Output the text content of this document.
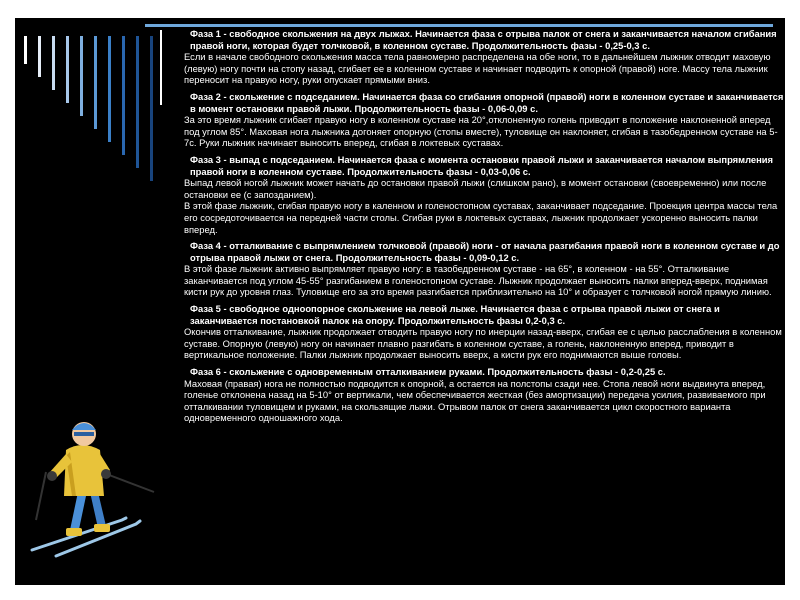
Фаза 1 - свободное скольжения на двух лыжах. Начинается фаза с отрыва палок от снега и заканчивается началом сгибания правой ноги, которая будет толчковой, в коленном суставе. Продолжительность фазы - 0,25-0,3 с.

Если в начале свободного скольжения масса тела равномерно распределена на обе ноги, то в дальнейшем лыжник отводит маховую (левую) ногу почти на стопу назад, сгибает ее в коленном суставе и начинает подводить к опорной (правой) ноге. Массу тела лыжник переносит на правую ногу, руки опускает прямыми вниз.

Фаза 2 - скольжение с подседанием. Начинается фаза со сгибания опорной (правой) ноги в коленном суставе и заканчивается в момент остановки правой лыжи. Продолжительность фазы - 0,06-0,09 с.

За это время лыжник сгибает правую ногу в коленном суставе на 20°,отклоненную голень приводит в положение наклоненной вперед под углом 85°. Маховая нога лыжника догоняет опорную (стопы вместе), туловище он наклоняет, сгибая в тазобедренном суставе на 5-7с. Руки лыжник начинает выносить вперед, сгибая в локтевых суставах.

Фаза 3 - выпад с подседанием. Начинается фаза с момента остановки правой лыжи и заканчивается началом выпрямления правой ноги в коленном суставе. Продолжительность фазы - 0,03-0,06 с.

Выпад левой ногой лыжник может начать до остановки правой лыжи (слишком рано), в момент остановки (своевременно) или после остановки ее (с запозданием).
В этой фазе лыжник, сгибая правую ногу в каленном и голеностопном суставах, заканчивает подседание. Проекция центра массы тела его сосредоточивается на передней части столы. Сгибая руки в локтевых суставах, лыжник продолжает ускоренно выносить палки вперед.

Фаза 4 - отталкивание с выпрямлением толчковой (правой) ноги - от начала разгибания правой ноги в коленном суставе и до отрыва правой лыжи от снега. Продолжительность фазы - 0,09-0,12 с.

В этой фазе лыжник активно выпрямляет правую ногу: в тазобедренном суставе - на 65°, в коленном - на 55°. Отталкивание заканчивается под углом 45-55° разгибанием в голеностопном суставе. Лыжник продолжает выносить палки вперед-вверх, поднимая кисти рук до уровня глаз. Туловище его за это время разгибается приблизительно на 10° и образует с толчковой ногой прямую линию.

Фаза 5 - свободное одноопорное скольжение на левой лыже. Начинается фаза с отрыва правой лыжи от снега и заканчивается постановкой палок на опору. Продолжительность фазы 0,2-0,3 с.

Окончив отталкивание, лыжник продолжает отводить правую ногу по инерции назад-вверх, сгибая ее с целью расслабления в коленном суставе. Опорную (левую) ногу он начинает плавно разгибать в коленном суставе, а голень, наклоненную вперед, приводит в вертикальное положение. Палки лыжник продолжает выносить вверх, а кисти рук его поднимаются выше головы.

Фаза 6 - скольжение с одновременным отталкиванием руками. Продолжительность фазы - 0,2-0,25 с.

Маховая (правая) нога не полностью подводится к опорной, а остается на полстопы сзади нее. Стопа левой ноги выдвинута вперед, голенье отклонена назад на 5-10° от вертикали, чем обеспечивается жесткая (без амортизации) передача усилия, развиваемого при отталкивании туловищем и руками, на скользящие лыжи. Отрывом палок от снега заканчивается цикл скоростного варианта одновременного одношажного хода.
